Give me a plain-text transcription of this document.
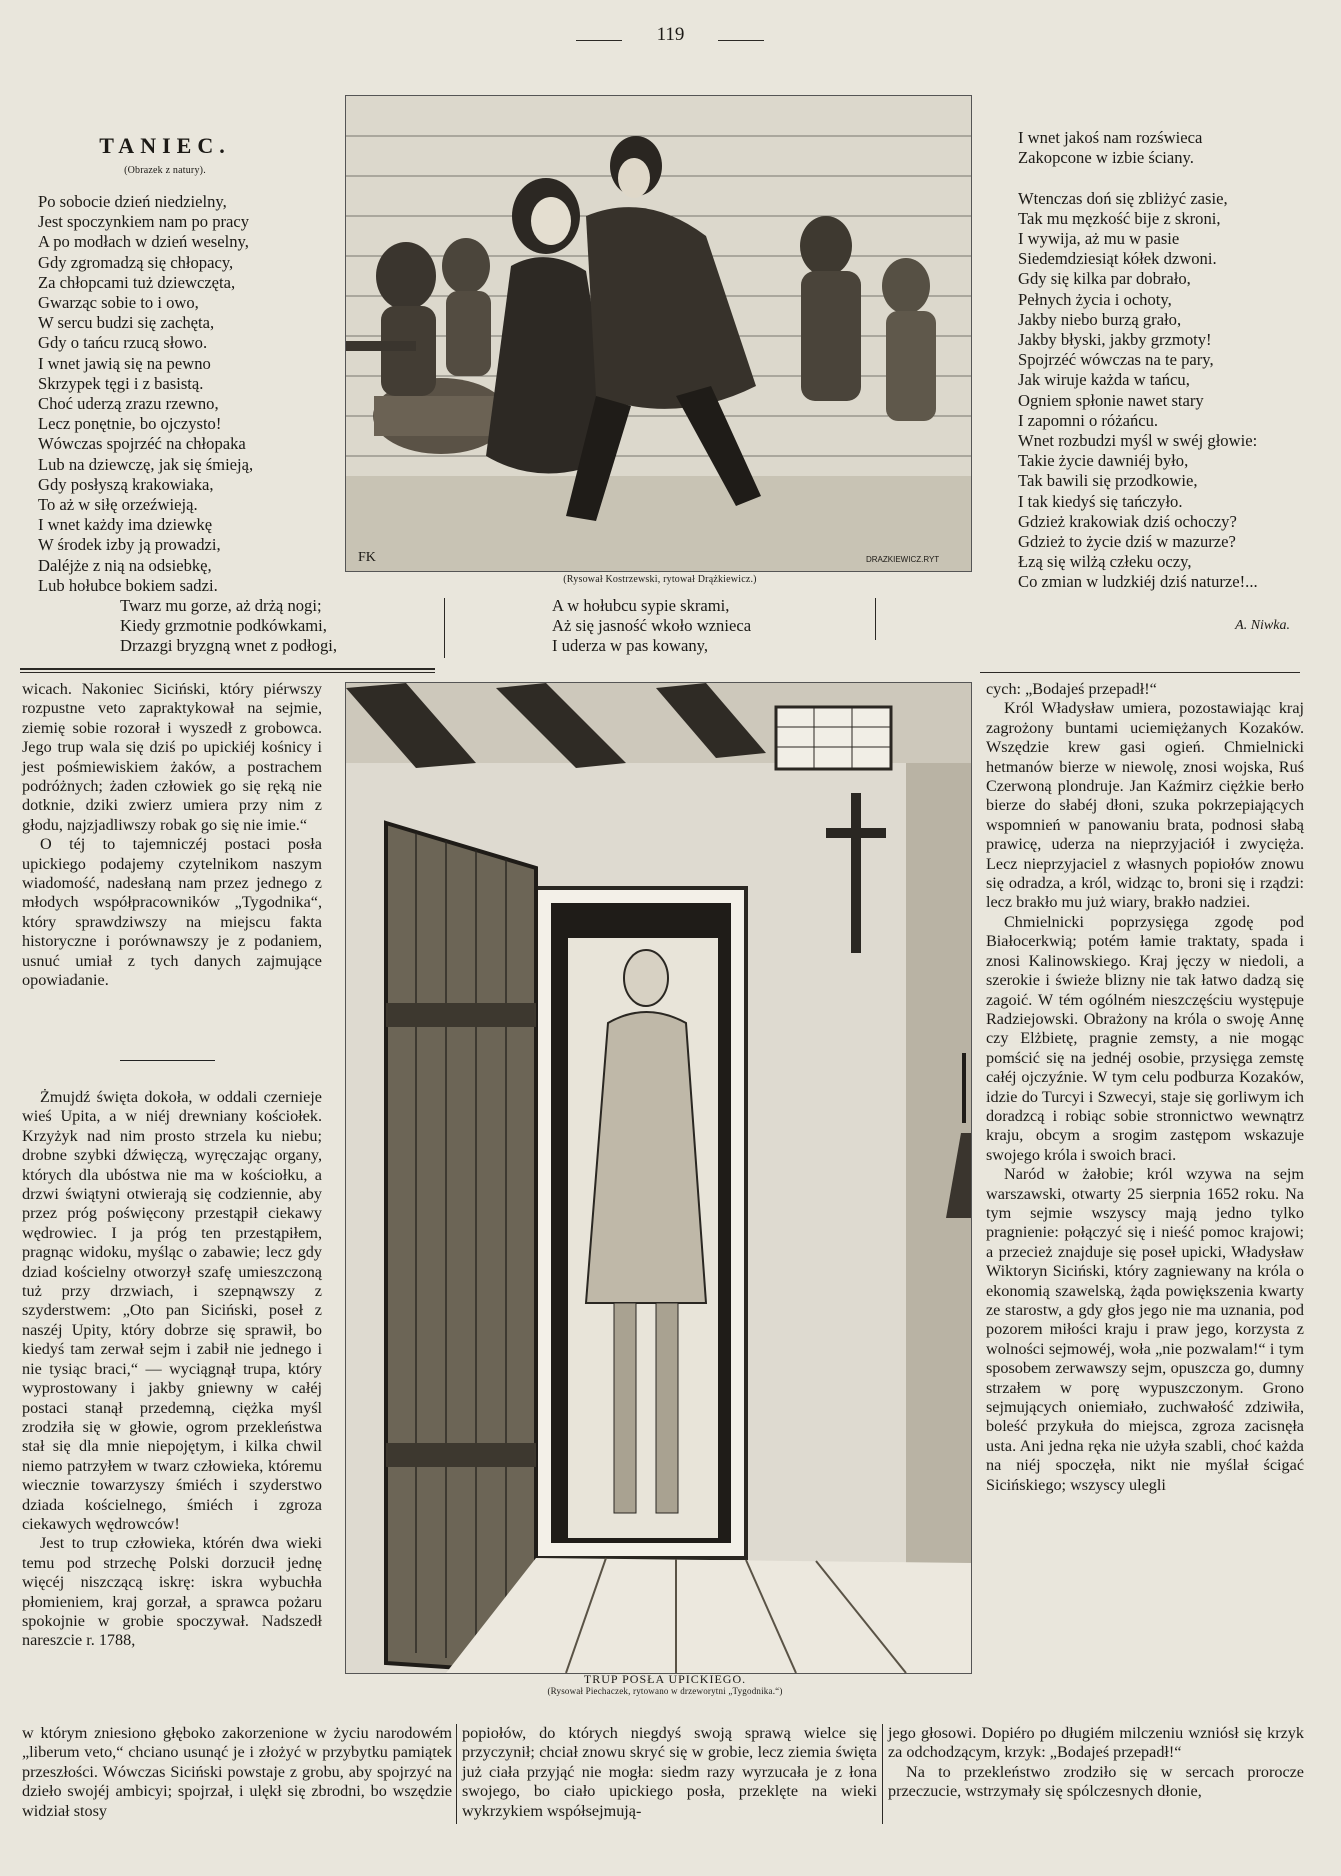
119
TANIEC.
(Obrazek z natury).
Po sobocie dzień niedzielny,
Jest spoczynkiem nam po pracy
A po modłach w dzień weselny,
Gdy zgromadzą się chłopacy,
Za chłopcami tuż dziewczęta,
Gwarząc sobie to i owo,
W sercu budzi się zachęta,
Gdy o tańcu rzucą słowo.
I wnet jawią się na pewno
Skrzypek tęgi i z basistą.
Choć uderzą zrazu rzewno,
Lecz ponętnie, bo ojczysto!
Wówczas spojrzéć na chłopaka
Lub na dziewczę, jak się śmieją,
Gdy posłyszą krakowiaka,
To aż w siłę orzeźwieją.
I wnet każdy ima dziewkę
W środek izby ją prowadzi,
Daléjże z nią na odsiebkę,
Lub hołubce bokiem sadzi.
FK	DRAZKIEWICZ.RYT
(Rysował Kostrzewski, rytował Drążkiewicz.)
I wnet jakoś nam rozświeca
Zakopcone w izbie ściany.

Wtenczas doń się zbliżyć zasie,
Tak mu męzkość bije z skroni,
I wywija, aż mu w pasie
Siedemdziesiąt kółek dzwoni.
Gdy się kilka par dobrało,
Pełnych życia i ochoty,
Jakby niebo burzą grało,
Jakby błyski, jakby grzmoty!
Spojrzéć wówczas na te pary,
Jak wiruje każda w tańcu,
Ogniem spłonie nawet stary
I zapomni o różańcu.
Wnet rozbudzi myśl w swéj głowie:
Takie życie dawniéj było,
Tak bawili się przodkowie,
I tak kiedyś się tańczyło.
Gdzież krakowiak dziś ochoczy?
Gdzież to życie dziś w mazurze?
Łzą się wilżą człeku oczy,
Co zmian w ludzkiéj dziś naturze!...
Twarz mu gorze, aż drżą nogi;
Kiedy grzmotnie podkówkami,
Drzazgi bryzgną wnet z podłogi,
A w hołubcu sypie skrami,
Aż się jasność wkoło wznieca
I uderza w pas kowany,
A. Niwka.

wicach. Nakoniec Siciński, który piérwszy rozpustne veto zapraktykował na sejmie, ziemię sobie rozorał i wyszedł z grobowca. Jego trup wala się dziś po upickiéj kośnicy i jest pośmiewiskiem żaków, a postrachem podróżnych; żaden człowiek go się ręką nie dotknie, dziki zwierz umiera przy nim z głodu, najzjadliwszy robak go się nie imie.“

O téj to tajemniczéj postaci posła upickiego podajemy czytelnikom naszym wiadomość, nadesłaną nam przez jednego z młodych współpracowników „Tygodnika“, który sprawdziwszy na miejscu fakta historyczne i porównawszy je z podaniem, usnuć umiał z tych danych zajmujące opowiadanie.

Żmujdź święta dokoła, w oddali czerniejе wieś Upita, a w niéj drewniany kościołek. Krzyżyk nad nim prosto strzela ku niebu; drobne szybki dźwięczą, wyręczając organy, których dla ubóstwa nie ma w kościołku, a drzwi świątyni otwierają się codziennie, aby przez próg poświęcony przestąpił ciekawy wędrowiec. I ja próg ten przestąpiłem, pragnąc widoku, myśląc o zabawie; lecz gdy dziad kościelny otworzył szafę umieszczoną tuż przy drzwiach, i szepnąwszy z szyderstwem: „Oto pan Siciński, poseł z naszéj Upity, który dobrze się sprawił, bo kiedyś tam zerwał sejm i zabił nie jednego i nie tysiąc braci,“ — wyciągnął trupa, który wyprostowany i jakby gniewny w całéj postaci stanął przedemną, ciężka myśl zrodziła się w głowie, ogrom przekleństwa stał się dla mnie niepojętym, i kilka chwil niemo patrzyłem w twarz człowieka, któremu wiecznie towarzyszy śmiéch i szyderstwo dziada kościelnego, śmiéch i zgroza ciekawych wędrowców!

Jest to trup człowieka, którén dwa wieki temu pod strzechę Polski dorzucił jednę więcéj niszczącą iskrę: iskra wybuchła płomieniem, kraj gorzał, a sprawca pożaru spokojnie w grobie spoczywał. Nadszedł nareszcie r. 1788,

TRUP POSŁA UPICKIEGO.
(Rysował Piechaczek, rytowano w drzeworytni „Tygodnika.“)

cych: „Bodajeś przepadł!“

Król Władysław umiera, pozostawiając kraj zagrożony buntami uciemiężanych Kozaków. Wszędzie krew gasi ogień. Chmielnicki hetmanów bierze w niewolę, znosi wojska, Ruś Czerwoną plondruje. Jan Kaźmirz ciężkie berło bierze do słabéj dłoni, szuka pokrzepiających wspomnień w panowaniu brata, podnosi słabą prawicę, uderza na nieprzyjaciół i zwycięża. Lecz nieprzyjaciel z własnych popiołów znowu się odradza, a król, widząc to, broni się i rządzi: lecz brakło mu już wiary, brakło nadziei.

Chmielnicki poprzysięga zgodę pod Białocerkwią; potém łamie traktaty, spada i znosi Kalinowskiego. Kraj jęczy w niedoli, a szerokie i świeże blizny nie tak łatwo dadzą się zagoić. W tém ogólném nieszczęściu występuje Radziejowski. Obrażony na króla o swoję Annę czy Elżbietę, pragnie zemsty, a nie mogąc pomścić się na jednéj osobie, przysięga zemstę całéj ojczyźnie. W tym celu podburza Kozaków, idzie do Turcyi i Szwecyi, staje się gorliwym ich doradzcą i robiąc sobie stronnictwo wewnątrz kraju, obcym a srogim zastępom wskazuje swojego króla i swoich braci.

Naród w żałobie; król wzywa na sejm warszawski, otwarty 25 sierpnia 1652 roku. Na tym sejmie wszyscy mają jedno tylko pragnienie: połączyć się i nieść pomoc krajowi; a przecież znajduje się poseł upicki, Władysław Wiktoryn Siciński, który zagniewany na króla o ekonomią szawelską, żąda powiększenia kwarty ze starostw, a gdy głos jego nie ma uznania, pod pozorem miłości kraju i praw jego, korzysta z wolności sejmowéj, woła „nie pozwalam!“ i tym sposobem zerwawszy sejm, opuszcza go, dumny strzałem w porę wypuszczonym. Grono sejmujących oniemiało, zuchwałość zdziwiła, boleść przykuła do miejsca, zgroza zacisnęła usta. Ani jedna ręka nie użyła szabli, choć każda na niéj spoczęła, nikt nie myślał ścigać Sicińskiego; wszyscy ulegli

w którym zniesiono głęboko zakorzenione w życiu narodowém „liberum veto,“ chciano usunąć je i złożyć w przybytku pamiątek przeszłości. Wówczas Siciński powstaje z grobu, aby spojrzyć na dzieło swojéj ambicyi; spojrzał, i ulękł się zbrodni, bo wszędzie widział stosy

popiołów, do których niegdyś swoją sprawą wielce się przyczynił; chciał znowu skryć się w grobie, lecz ziemia święta już ciała przyjąć nie mogła: siedm razy wyrzucała je z łona swojego, bo ciało upickiego posła, przeklęte na wieki wykrzykiem współsejmują-

jego głosowi. Dopiéro po długiém milczeniu wzniósł się krzyk za odchodzącym, krzyk: „Bodajeś przepadł!“

Na to przekleństwo zrodziło się w sercach proroczе przeczucie, wstrzymały się spólczesnych dłonie,
